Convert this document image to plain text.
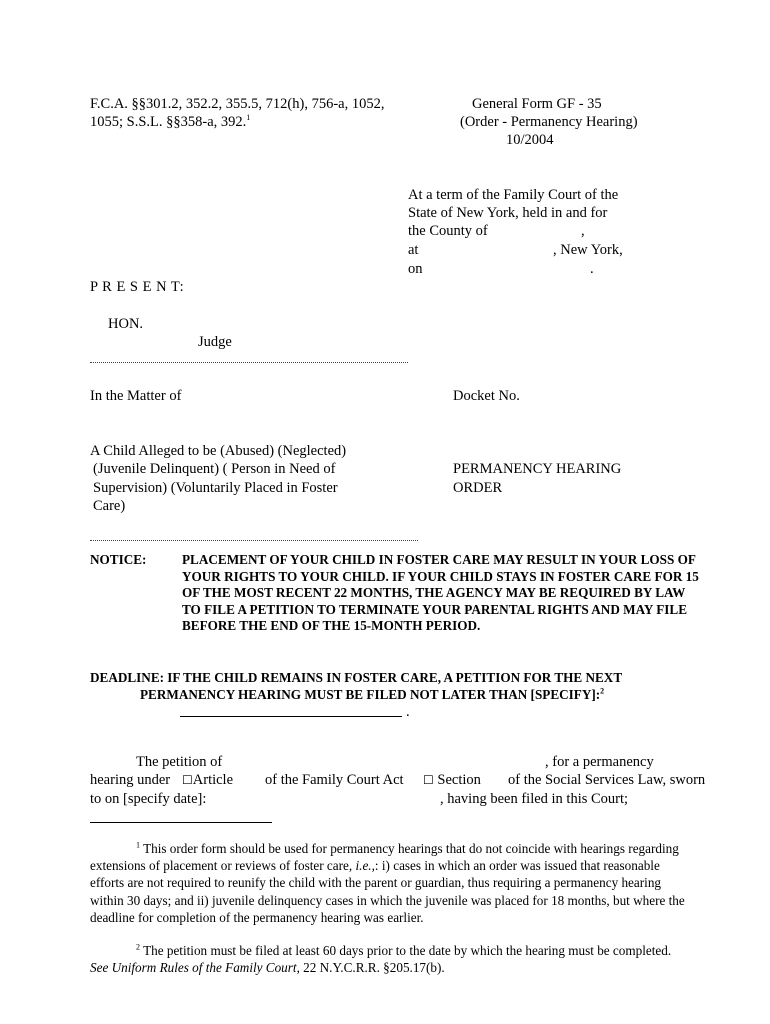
F.C.A. §§301.2, 352.2, 355.5, 712(h), 756-a, 1052,
1055; S.S.L. §§358-a, 392.$^1$
General Form GF - 35
(Order - Permanency Hearing)
10/2004
At a term of the Family Court of the
State of New York, held in and for
the County of	,
at	, New York,
on	.
P R E S E N T:
HON.
Judge
In the Matter of	Docket No.
A Child Alleged to be (Abused) (Neglected)
(Juvenile Delinquent) ( Person in Need of
Supervision) (Voluntarily Placed in Foster
Care)
PERMANENCY HEARING
ORDER
NOTICE:	PLACEMENT OF YOUR CHILD IN FOSTER CARE MAY RESULT IN YOUR LOSS OF YOUR RIGHTS TO YOUR CHILD. IF YOUR CHILD STAYS IN FOSTER CARE FOR 15 OF THE MOST RECENT 22 MONTHS, THE AGENCY MAY BE REQUIRED BY LAW TO FILE A PETITION TO TERMINATE YOUR PARENTAL RIGHTS AND MAY FILE BEFORE THE END OF THE 15-MONTH PERIOD.
DEADLINE: IF THE CHILD REMAINS IN FOSTER CARE, A PETITION FOR THE NEXT
PERMANENCY HEARING MUST BE FILED NOT LATER THAN [SPECIFY]:$^2$
.
The petition of	, for a permanency
hearing under ☐Article of the Family Court Act ☐ Section of the Social Services Law, sworn
to on [specify date]:	, having been filed in this Court;
$^1$ This order form should be used for permanency hearings that do not coincide with hearings regarding extensions of placement or reviews of foster care, i.e.,: i) cases in which an order was issued that reasonable efforts are not required to reunify the child with the parent or guardian, thus requiring a permanency hearing within 30 days; and ii) juvenile delinquency cases in which the juvenile was placed for 18 months, but where the deadline for completion of the permanency hearing was earlier.
$^2$ The petition must be filed at least 60 days prior to the date by which the hearing must be completed. See Uniform Rules of the Family Court, 22 N.Y.C.R.R. §205.17(b).
